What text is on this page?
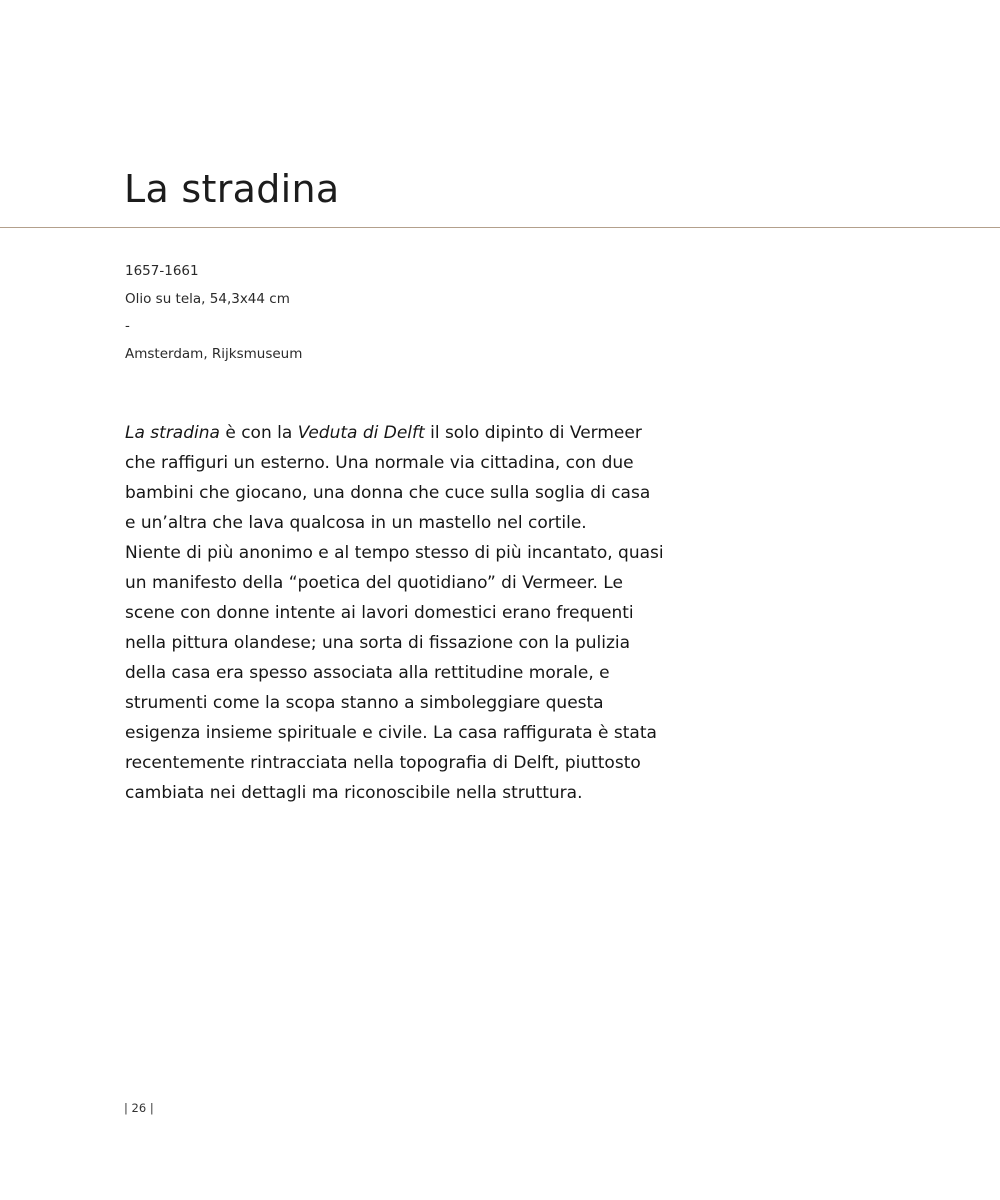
La stradina
1657-1661
Olio su tela, 54,3x44 cm
-
Amsterdam, Rijksmuseum
La stradina è con la Veduta di Delft il solo dipinto di Vermeer
che raffiguri un esterno. Una normale via cittadina, con due
bambini che giocano, una donna che cuce sulla soglia di casa
e un’altra che lava qualcosa in un mastello nel cortile.
Niente di più anonimo e al tempo stesso di più incantato, quasi
un manifesto della “poetica del quotidiano” di Vermeer. Le
scene con donne intente ai lavori domestici erano frequenti
nella pittura olandese; una sorta di fissazione con la pulizia
della casa era spesso associata alla rettitudine morale, e
strumenti come la scopa stanno a simboleggiare questa
esigenza insieme spirituale e civile. La casa raffigurata è stata
recentemente rintracciata nella topografia di Delft, piuttosto
cambiata nei dettagli ma riconoscibile nella struttura.
| 26 |
